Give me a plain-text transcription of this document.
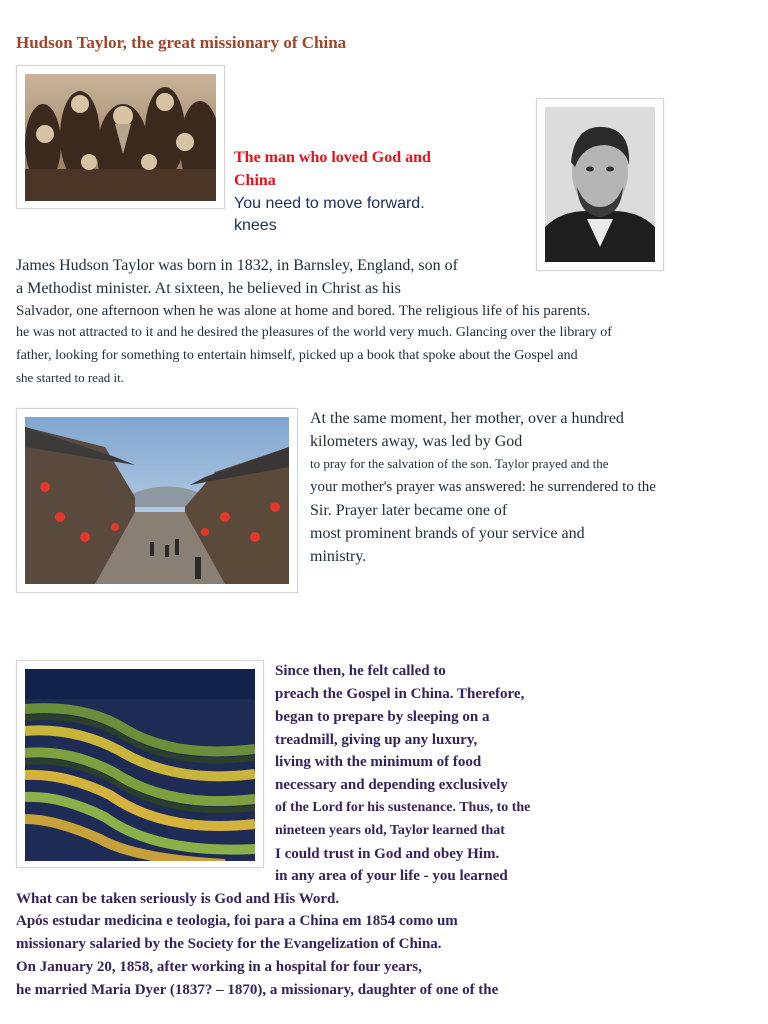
Hudson Taylor, the great missionary of China
The man who loved God and
China
You need to move forward.
knees
James Hudson Taylor was born in 1832, in Barnsley, England, son of
a Methodist minister. At sixteen, he believed in Christ as his
Salvador, one afternoon when he was alone at home and bored. The religious life of his parents.
he was not attracted to it and he desired the pleasures of the world very much. Glancing over the library of
father, looking for something to entertain himself, picked up a book that spoke about the Gospel and
she started to read it.
At the same moment, her mother, over a hundred
kilometers away, was led by God
to pray for the salvation of the son. Taylor prayed and the
your mother's prayer was answered: he surrendered to the
Sir. Prayer later became one of
most prominent brands of your service and
ministry.
Since then, he felt called to
preach the Gospel in China. Therefore,
began to prepare by sleeping on a
treadmill, giving up any luxury,
living with the minimum of food
necessary and depending exclusively
of the Lord for his sustenance. Thus, to the
nineteen years old, Taylor learned that
I could trust in God and obey Him.
in any area of your life - you learned
What can be taken seriously is God and His Word.
Após estudar medicina e teologia, foi para a China em 1854 como um
missionary salaried by the Society for the Evangelization of China.
On January 20, 1858, after working in a hospital for four years,
he married Maria Dyer (1837? – 1870), a missionary, daughter of one of the
